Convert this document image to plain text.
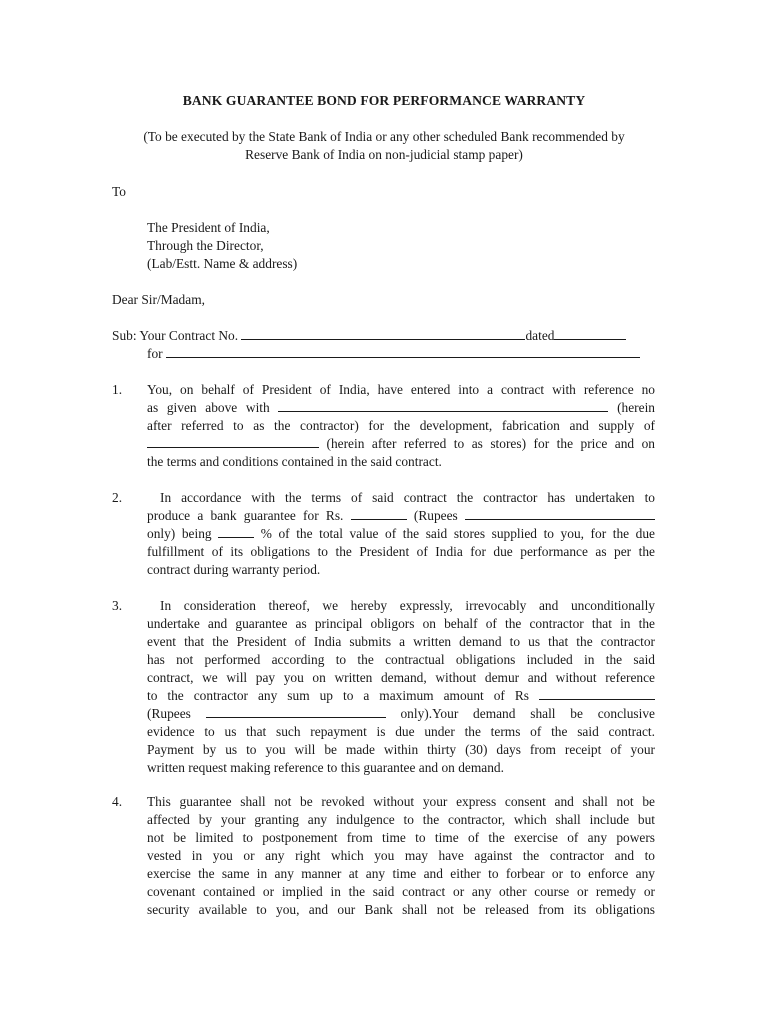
BANK GUARANTEE BOND FOR PERFORMANCE WARRANTY
(To be executed by the State Bank of India or any other scheduled Bank recommended by
Reserve Bank of India on non-judicial stamp paper)
To
The President of India,
Through the Director,
(Lab/Estt. Name & address)
Dear Sir/Madam,
Sub: Your Contract No.	dated
for
1. You, on behalf of President of India, have entered into a contract with reference no
as given above with	(herein
after referred to as the contractor) for the development, fabrication and supply of
(herein after referred to as stores) for the price and on
the terms and conditions contained in the said contract.
2.	In accordance with the terms of said contract the contractor has undertaken to
produce a bank guarantee for Rs.	(Rupees
only) being	% of the total value of the said stores supplied to you, for the due
fulfillment of its obligations to the President of India for due performance as per the
contract during warranty period.
3.	In consideration thereof, we hereby expressly, irrevocably and unconditionally
undertake and guarantee as principal obligors on behalf of the contractor that in the
event that the President of India submits a written demand to us that the contractor
has not performed according to the contractual obligations included in the said
contract, we will pay you on written demand, without demur and without reference
to the contractor any sum up to a maximum amount of Rs
(Rupees	only).Your demand shall be conclusive
evidence to us that such repayment is due under the terms of the said contract.
Payment by us to you will be made within thirty (30) days from receipt of your
written request making reference to this guarantee and on demand.
4. This guarantee shall not be revoked without your express consent and shall not be
affected by your granting any indulgence to the contractor, which shall include but
not be limited to postponement from time to time of the exercise of any powers
vested in you or any right which you may have against the contractor and to
exercise the same in any manner at any time and either to forbear or to enforce any
covenant contained or implied in the said contract or any other course or remedy or
security available to you, and our Bank shall not be released from its obligations
